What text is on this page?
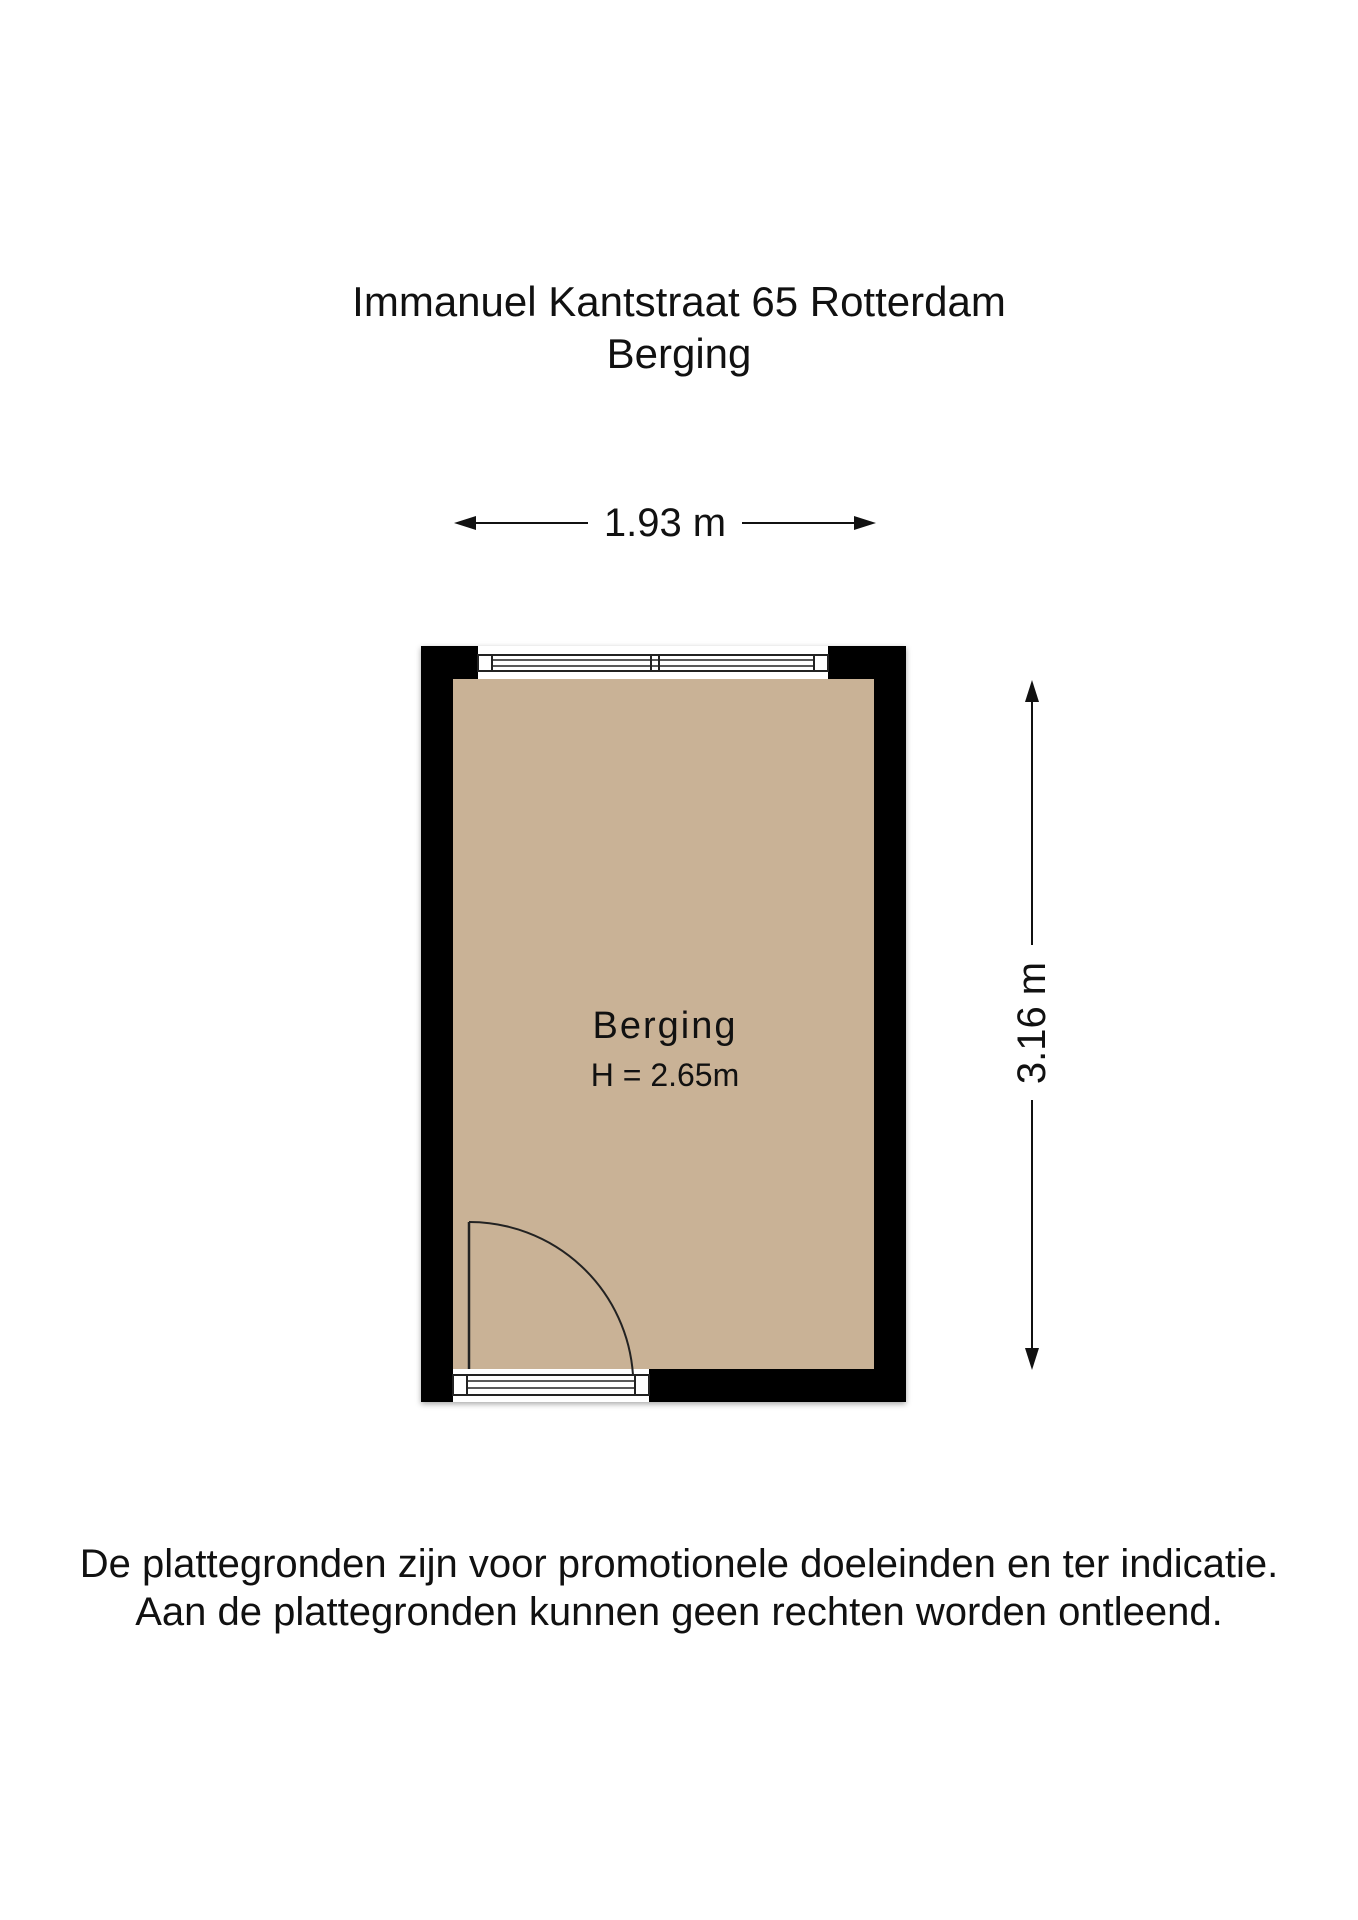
Immanuel Kantstraat 65 Rotterdam
Berging
1.93 m
3.16 m
Berging
H = 2.65m
De plattegronden zijn voor promotionele doeleinden en ter indicatie.
Aan de plattegronden kunnen geen rechten worden ontleend.
